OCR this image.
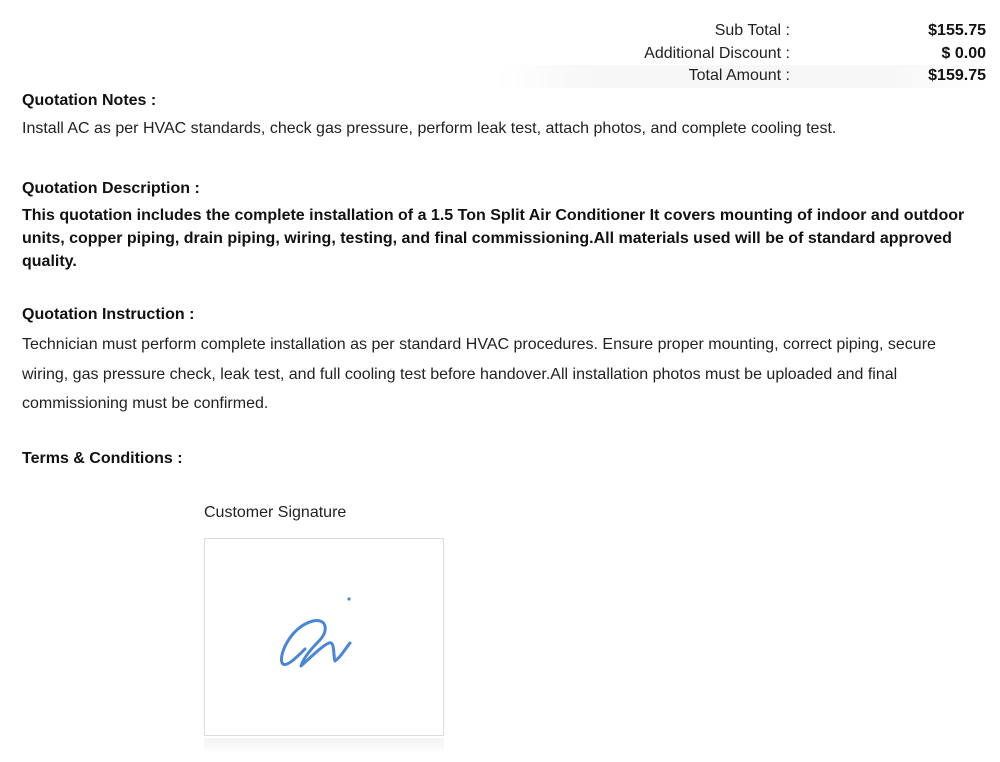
Sub Total :	$155.75
Additional Discount :	$ 0.00
Total Amount :	$159.75

Quotation Notes :

Install AC as per HVAC standards, check gas pressure, perform leak test, attach photos, and complete cooling test.

Quotation Description :

This quotation includes the complete installation of a 1.5 Ton Split Air Conditioner It covers mounting of indoor and outdoor units, copper piping, drain piping, wiring, testing, and final commissioning.All materials used will be of standard approved quality.

Quotation Instruction :

Technician must perform complete installation as per standard HVAC procedures. Ensure proper mounting, correct piping, secure wiring, gas pressure check, leak test, and full cooling test before handover.All installation photos must be uploaded and final commissioning must be confirmed.

Terms & Conditions :

Customer Signature
